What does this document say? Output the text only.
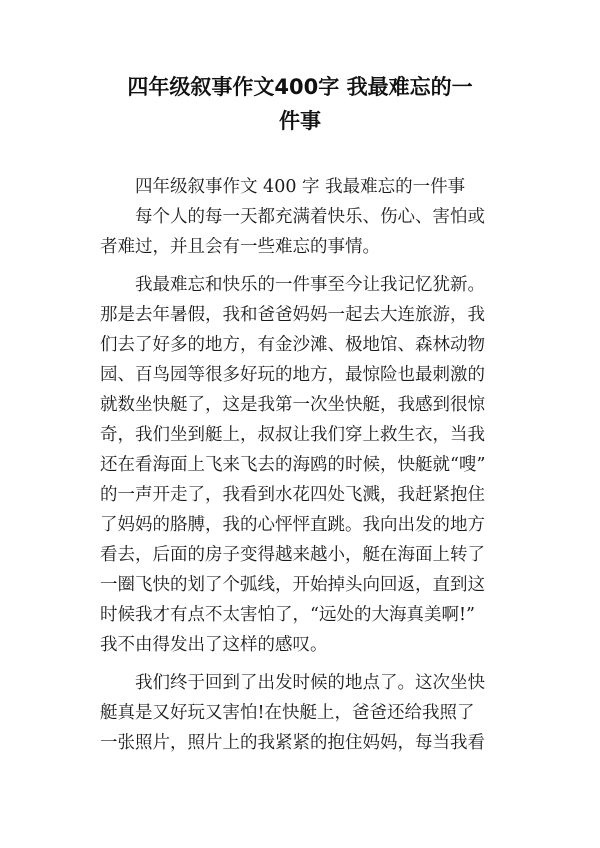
四年级叙事作文400字 我最难忘的一
件事
四年级叙事作文 400 字 我最难忘的一件事
每个人的每一天都充满着快乐、伤心、害怕或
者难过，并且会有一些难忘的事情。
我最难忘和快乐的一件事至今让我记忆犹新。
那是去年暑假，我和爸爸妈妈一起去大连旅游，我
们去了好多的地方，有金沙滩、极地馆、森林动物
园、百鸟园等很多好玩的地方，最惊险也最刺激的
就数坐快艇了，这是我第一次坐快艇，我感到很惊
奇，我们坐到艇上，叔叔让我们穿上救生衣，当我
还在看海面上飞来飞去的海鸥的时候，快艇就“嗖”
的一声开走了，我看到水花四处飞溅，我赶紧抱住
了妈妈的胳膊，我的心怦怦直跳。我向出发的地方
看去，后面的房子变得越来越小，艇在海面上转了
一圈飞快的划了个弧线，开始掉头向回返，直到这
时候我才有点不太害怕了，“远处的大海真美啊!”
我不由得发出了这样的感叹。
我们终于回到了出发时候的地点了。这次坐快
艇真是又好玩又害怕!在快艇上，爸爸还给我照了
一张照片，照片上的我紧紧的抱住妈妈，每当我看
